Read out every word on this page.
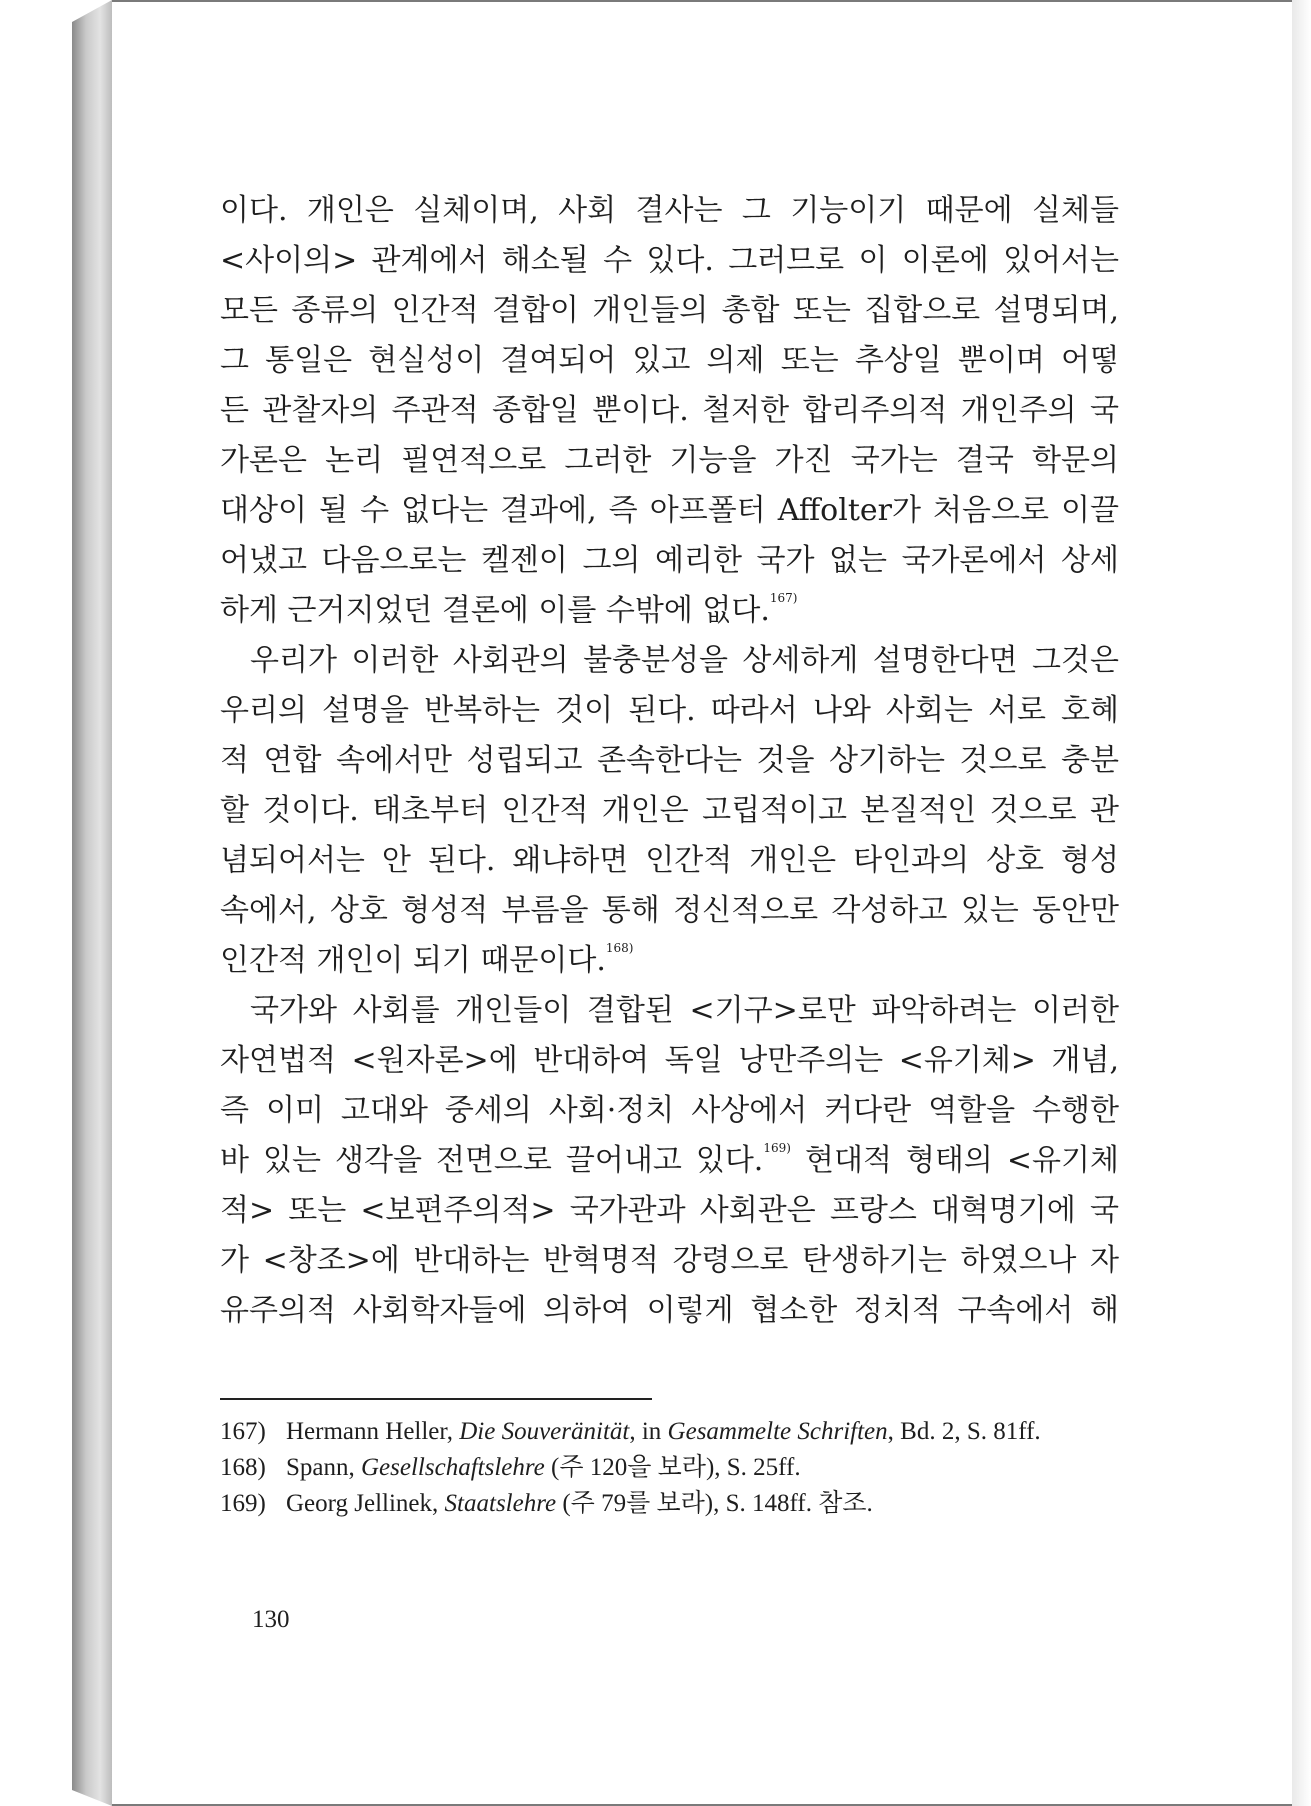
이다. 개인은 실체이며, 사회 결사는 그 기능이기 때문에 실체들
<사이의> 관계에서 해소될 수 있다. 그러므로 이 이론에 있어서는
모든 종류의 인간적 결합이 개인들의 총합 또는 집합으로 설명되며,
그 통일은 현실성이 결여되어 있고 의제 또는 추상일 뿐이며 어떻
든 관찰자의 주관적 종합일 뿐이다. 철저한 합리주의적 개인주의 국
가론은 논리 필연적으로 그러한 기능을 가진 국가는 결국 학문의
대상이 될 수 없다는 결과에, 즉 아프폴터 Affolter가 처음으로 이끌
어냈고 다음으로는 켈젠이 그의 예리한 국가 없는 국가론에서 상세
하게 근거지었던 결론에 이를 수밖에 없다.$^{167)}$

우리가 이러한 사회관의 불충분성을 상세하게 설명한다면 그것은
우리의 설명을 반복하는 것이 된다. 따라서 나와 사회는 서로 호혜
적 연합 속에서만 성립되고 존속한다는 것을 상기하는 것으로 충분
할 것이다. 태초부터 인간적 개인은 고립적이고 본질적인 것으로 관
념되어서는 안 된다. 왜냐하면 인간적 개인은 타인과의 상호 형성
속에서, 상호 형성적 부름을 통해 정신적으로 각성하고 있는 동안만
인간적 개인이 되기 때문이다.$^{168)}$

국가와 사회를 개인들이 결합된 <기구>로만 파악하려는 이러한
자연법적 <원자론>에 반대하여 독일 낭만주의는 <유기체> 개념,
즉 이미 고대와 중세의 사회·정치 사상에서 커다란 역할을 수행한
바 있는 생각을 전면으로 끌어내고 있다.$^{169)}$ 현대적 형태의 <유기체
적> 또는 <보편주의적> 국가관과 사회관은 프랑스 대혁명기에 국
가 <창조>에 반대하는 반혁명적 강령으로 탄생하기는 하였으나 자
유주의적 사회학자들에 의하여 이렇게 협소한 정치적 구속에서 해

167) Hermann Heller, Die Souveränität, in Gesammelte Schriften, Bd. 2, S. 81ff.
168) Spann, Gesellschaftslehre (주 120을 보라), S. 25ff.
169) Georg Jellinek, Staatslehre (주 79를 보라), S. 148ff. 참조.
130
